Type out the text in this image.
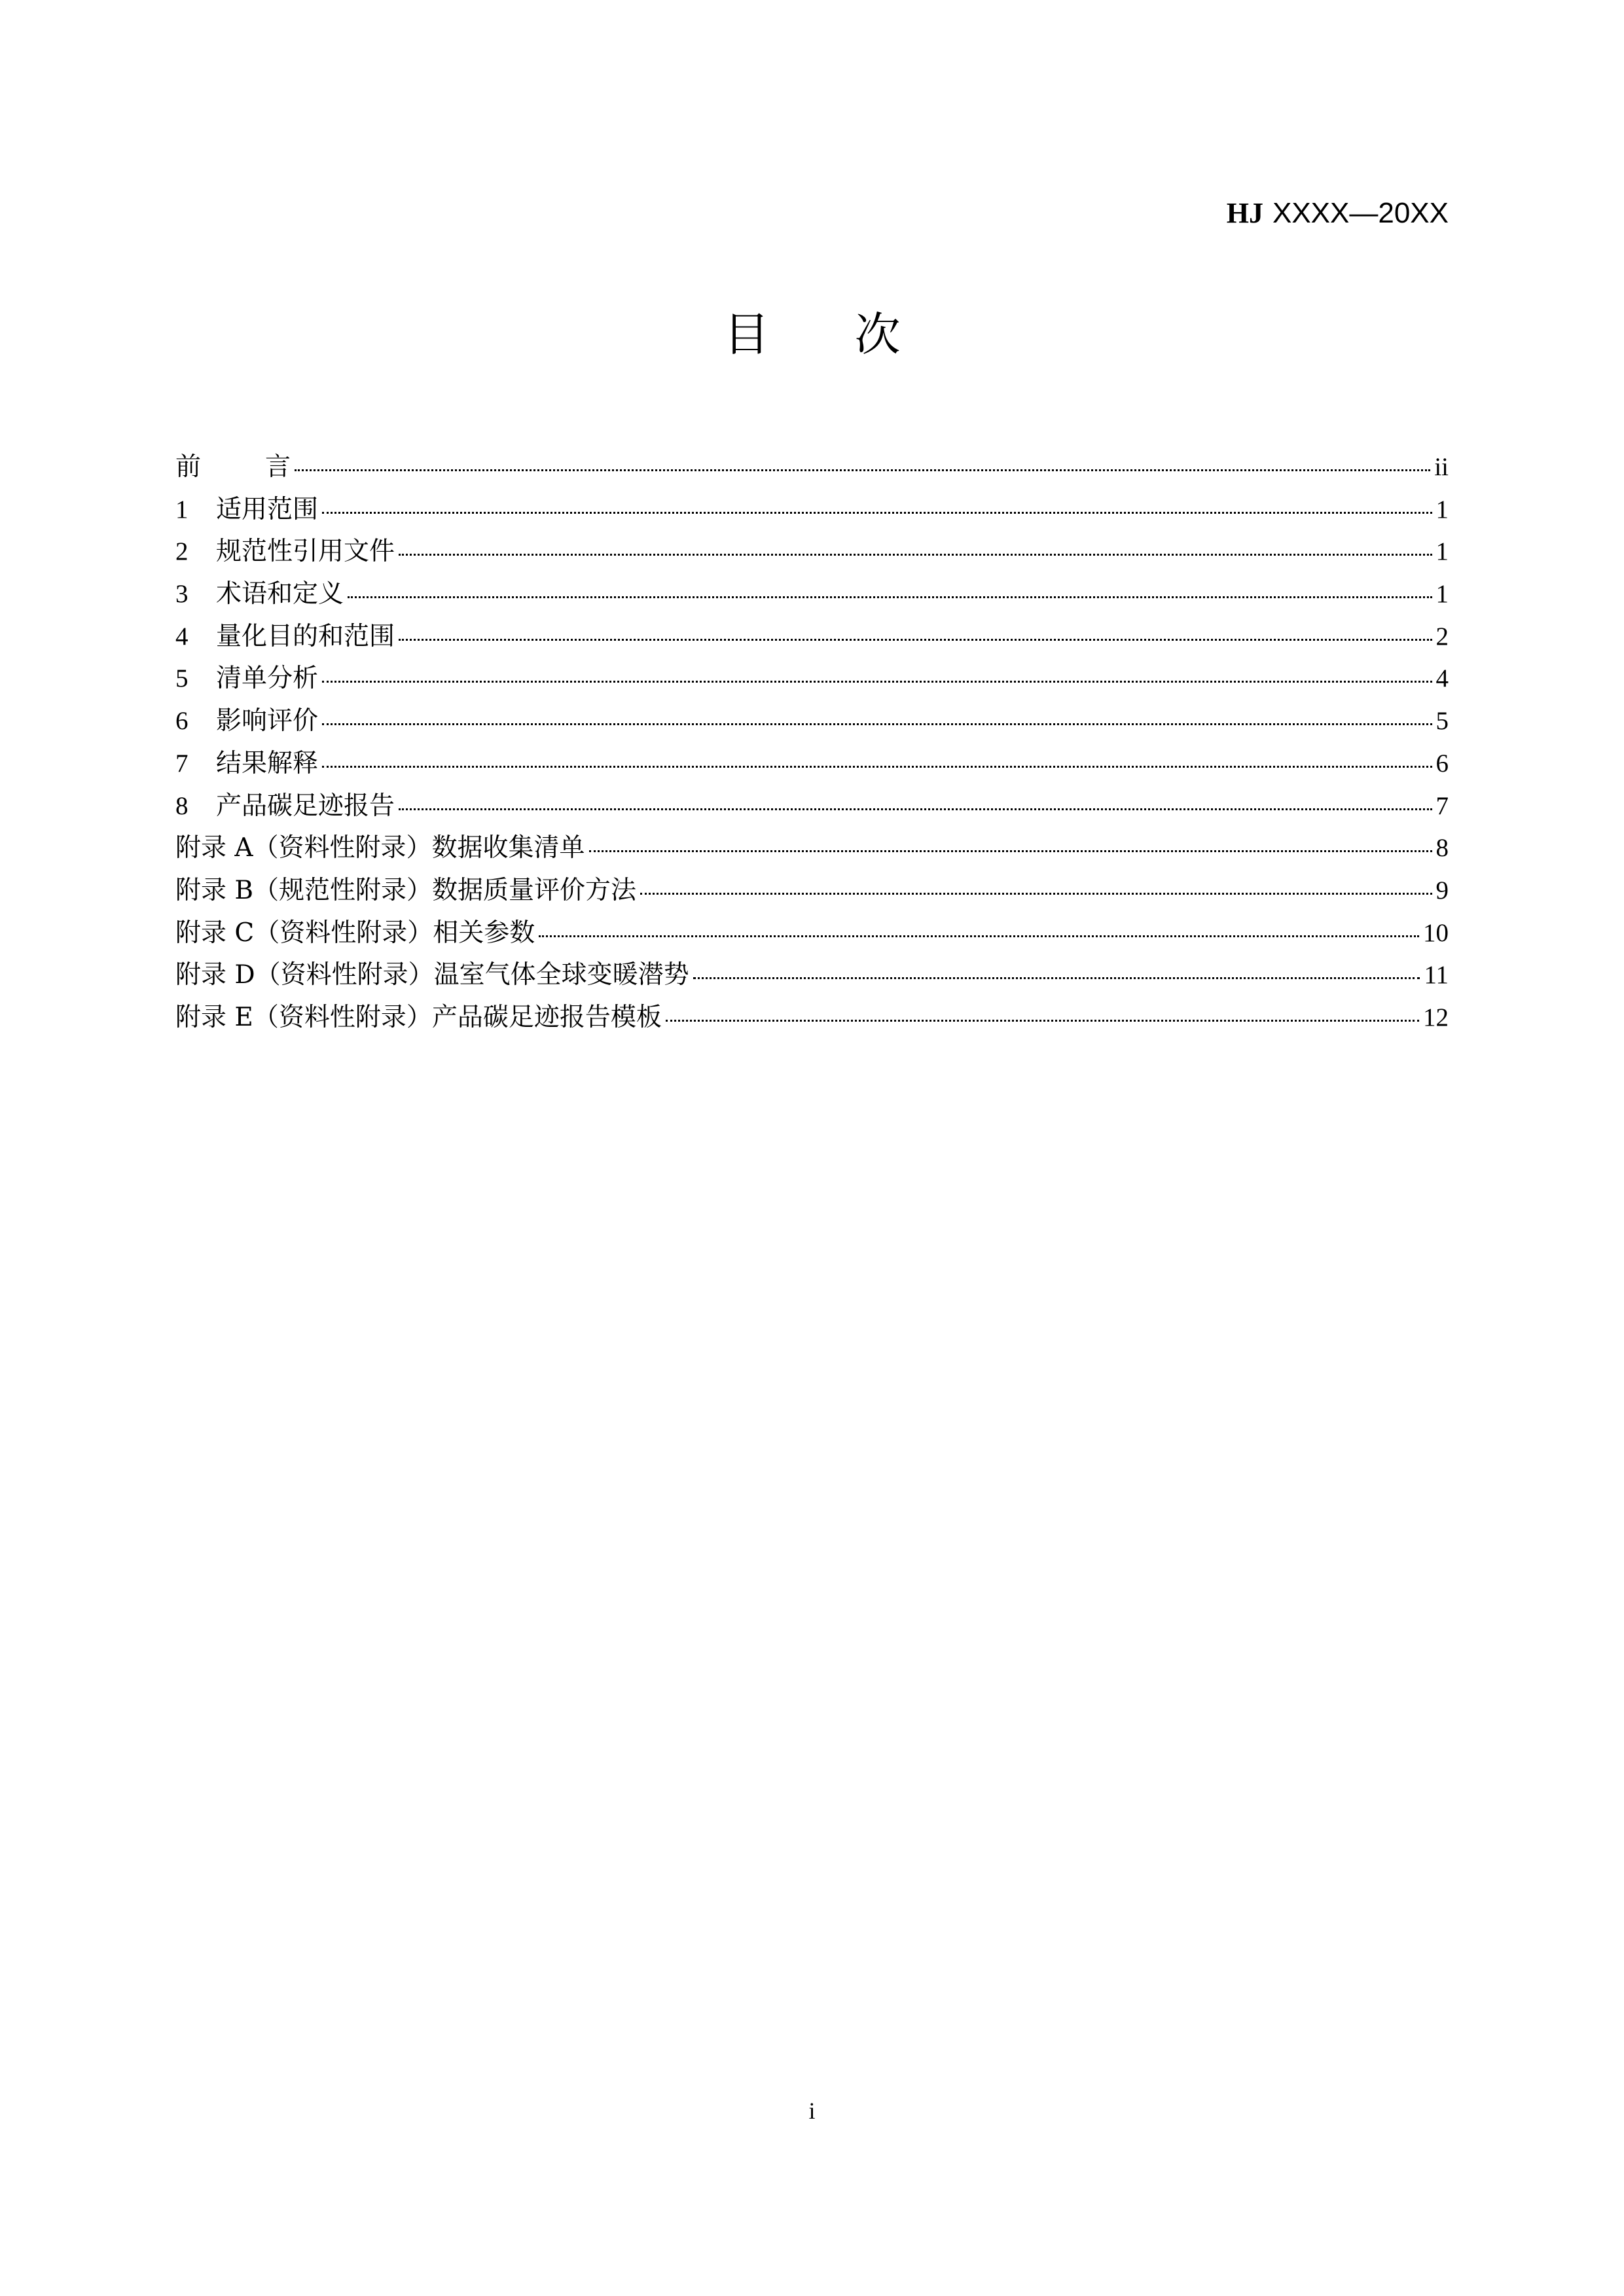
HJ XXXX—20XX
目 次
前	言	ii
1	适用范围	1
2	规范性引用文件	1
3	术语和定义	1
4	量化目的和范围	2
5	清单分析	4
6	影响评价	5
7	结果解释	6
8	产品碳足迹报告	7
附录 A（资料性附录）数据收集清单	8
附录 B（规范性附录）数据质量评价方法	9
附录 C（资料性附录）相关参数	10
附录 D（资料性附录）温室气体全球变暖潜势	11
附录 E（资料性附录）产品碳足迹报告模板	12
i
